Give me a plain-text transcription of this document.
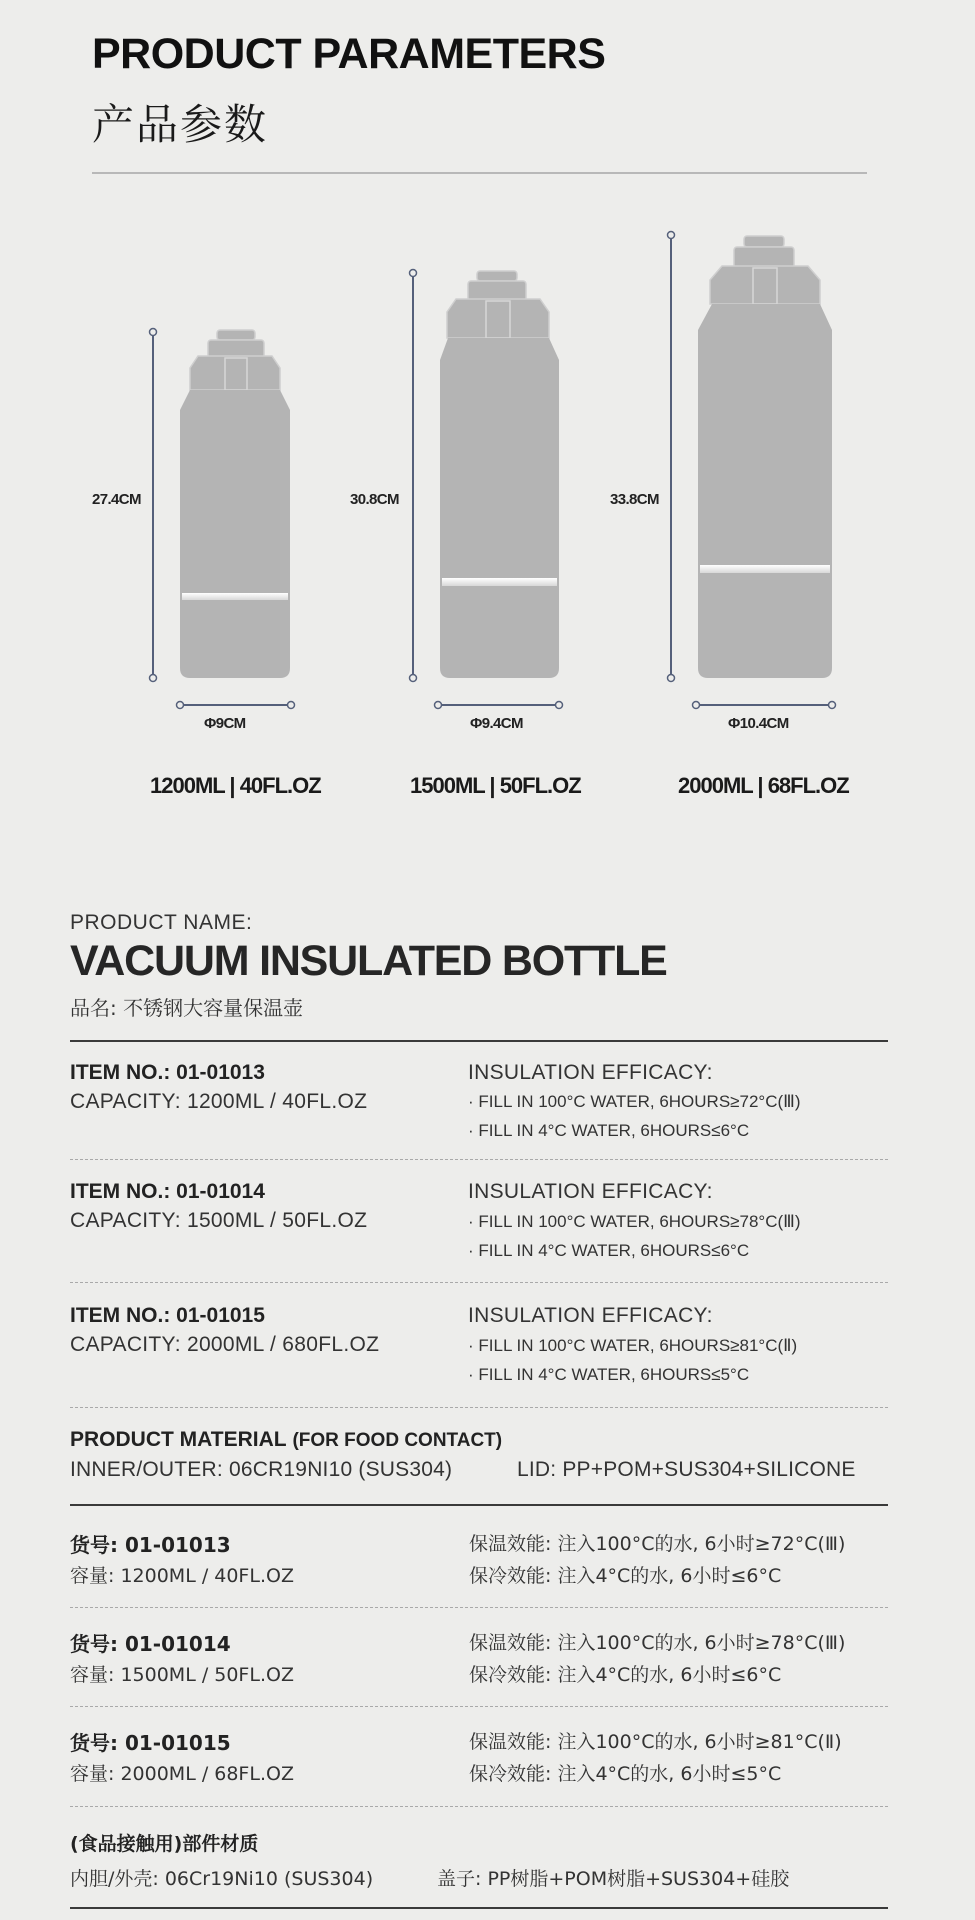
PRODUCT PARAMETERS
产品参数
27.4CM	30.8CM	33.8CM
Φ9CM	Φ9.4CM	Φ10.4CM
1200ML | 40FL.OZ	1500ML | 50FL.OZ	2000ML | 68FL.OZ
PRODUCT NAME:
VACUUM INSULATED BOTTLE
品名: 不锈钢大容量保温壶
ITEM NO.: 01-01013
CAPACITY: 1200ML / 40FL.OZ
INSULATION EFFICACY:
· FILL IN 100°C WATER, 6HOURS≥72°C(Ⅲ)
· FILL IN 4°C WATER, 6HOURS≤6°C
ITEM NO.: 01-01014
CAPACITY: 1500ML / 50FL.OZ
INSULATION EFFICACY:
· FILL IN 100°C WATER, 6HOURS≥78°C(Ⅲ)
· FILL IN 4°C WATER, 6HOURS≤6°C
ITEM NO.: 01-01015
CAPACITY: 2000ML / 680FL.OZ
INSULATION EFFICACY:
· FILL IN 100°C WATER, 6HOURS≥81°C(Ⅱ)
· FILL IN 4°C WATER, 6HOURS≤5°C
PRODUCT MATERIAL (FOR FOOD CONTACT)
INNER/OUTER: 06CR19NI10 (SUS304)	LID: PP+POM+SUS304+SILICONE
货号: 01-01013
容量: 1200ML / 40FL.OZ
保温效能: 注入100°C的水, 6小时≥72°C(Ⅲ)
保冷效能: 注入4°C的水, 6小时≤6°C
货号: 01-01014
容量: 1500ML / 50FL.OZ
保温效能: 注入100°C的水, 6小时≥78°C(Ⅲ)
保冷效能: 注入4°C的水, 6小时≤6°C
货号: 01-01015
容量: 2000ML / 68FL.OZ
保温效能: 注入100°C的水, 6小时≥81°C(Ⅱ)
保冷效能: 注入4°C的水, 6小时≤5°C
(食品接触用)部件材质
内胆/外壳: 06Cr19Ni10 (SUS304)	盖子: PP树脂+POM树脂+SUS304+硅胶
